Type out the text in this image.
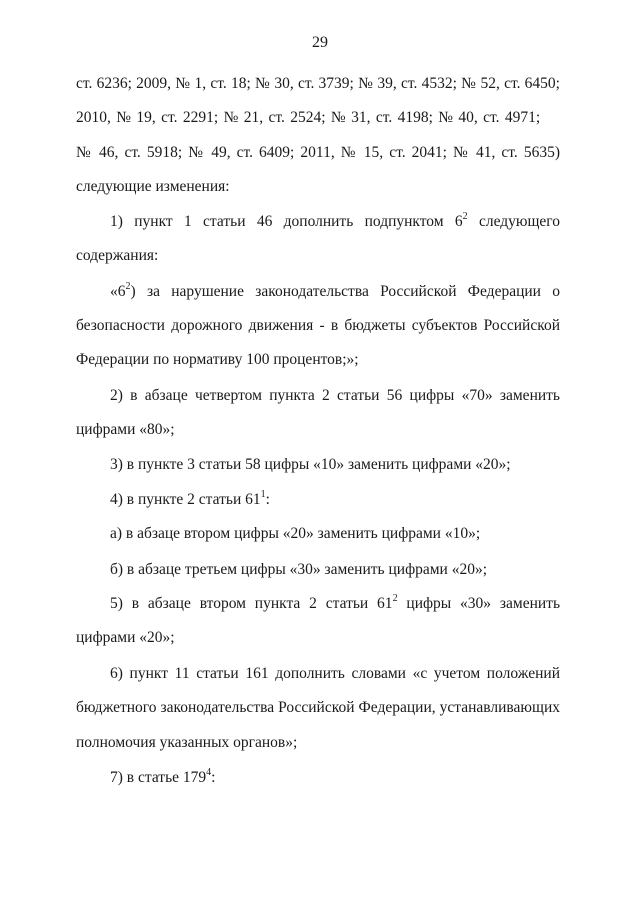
29
ст. 6236; 2009, № 1, ст. 18; № 30, ст. 3739; № 39, ст. 4532; № 52, ст. 6450;
2010, № 19, ст. 2291; № 21, ст. 2524; № 31, ст. 4198; № 40, ст. 4971;
№ 46, ст. 5918; № 49, ст. 6409; 2011, № 15, ст. 2041; № 41, ст. 5635)
следующие изменения:
1) пункт 1 статьи 46 дополнить подпунктом $6^2$ следующего
содержания:
«$6^2$) за нарушение законодательства Российской Федерации о
безопасности дорожного движения - в бюджеты субъектов Российской
Федерации по нормативу 100 процентов;»;
2) в абзаце четвертом пункта 2 статьи 56 цифры «70» заменить
цифрами «80»;
3) в пункте 3 статьи 58 цифры «10» заменить цифрами «20»;
4) в пункте 2 статьи $61^1$:
а) в абзаце втором цифры «20» заменить цифрами «10»;
б) в абзаце третьем цифры «30» заменить цифрами «20»;
5) в абзаце втором пункта 2 статьи $61^2$ цифры «30» заменить
цифрами «20»;
6) пункт 11 статьи 161 дополнить словами «с учетом положений
бюджетного законодательства Российской Федерации, устанавливающих
полномочия указанных органов»;
7) в статье $179^4$:
